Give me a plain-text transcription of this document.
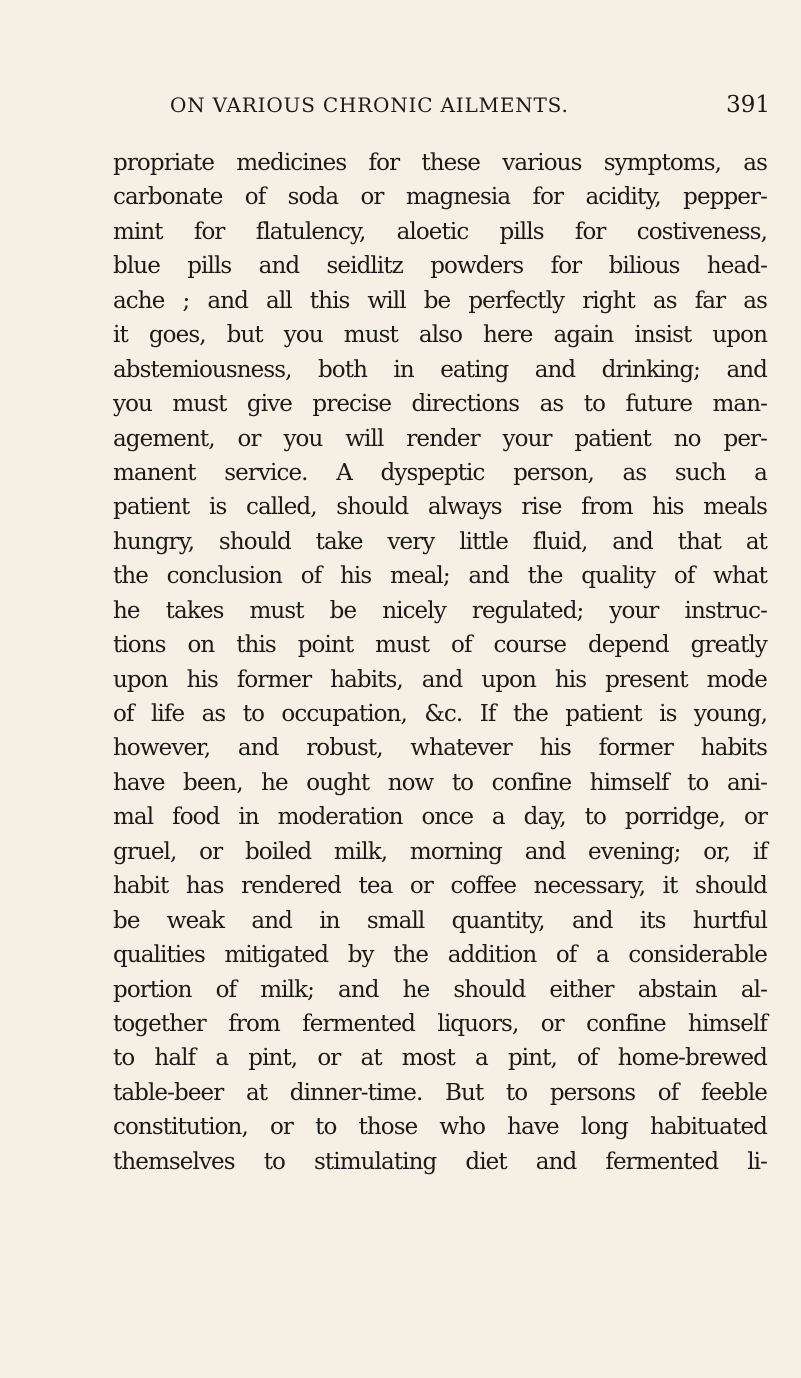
ON VARIOUS CHRONIC AILMENTS.	391
propriate medicines for these various symptoms, as
carbonate of soda or magnesia for acidity, pepper-
mint for flatulency, aloetic pills for costiveness,
blue pills and seidlitz powders for bilious head-
ache ; and all this will be perfectly right as far as
it goes, but you must also here again insist upon
abstemiousness, both in eating and drinking; and
you must give precise directions as to future man-
agement, or you will render your patient no per-
manent service. A dyspeptic person, as such a
patient is called, should always rise from his meals
hungry, should take very little fluid, and that at
the conclusion of his meal; and the quality of what
he takes must be nicely regulated; your instruc-
tions on this point must of course depend greatly
upon his former habits, and upon his present mode
of life as to occupation, &c. If the patient is young,
however, and robust, whatever his former habits
have been, he ought now to confine himself to ani-
mal food in moderation once a day, to porridge, or
gruel, or boiled milk, morning and evening; or, if
habit has rendered tea or coffee necessary, it should
be weak and in small quantity, and its hurtful
qualities mitigated by the addition of a considerable
portion of milk; and he should either abstain al-
together from fermented liquors, or confine himself
to half a pint, or at most a pint, of home-brewed
table-beer at dinner-time. But to persons of feeble
constitution, or to those who have long habituated
themselves to stimulating diet and fermented li-
